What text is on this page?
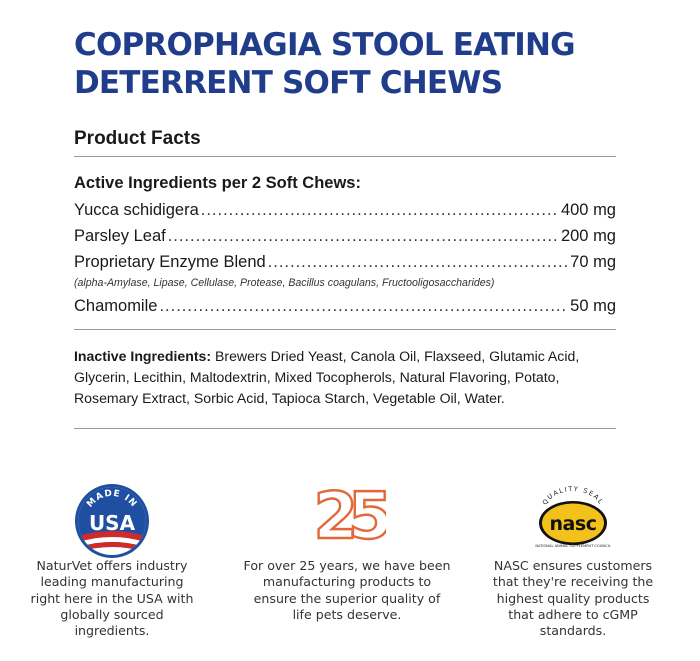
COPROPHAGIA STOOL EATING
DETERRENT SOFT CHEWS
Product Facts
Active Ingredients per 2 Soft Chews:
Yucca schidigera .....	400 mg
Parsley Leaf .....	200 mg
Proprietary Enzyme Blend .....	70 mg
(alpha-Amylase, Lipase, Cellulase, Protease, Bacillus coagulans, Fructooligosaccharides)
Chamomile .....	50 mg

Inactive Ingredients: Brewers Dried Yeast, Canola Oil, Flaxseed, Glutamic Acid, Glycerin, Lecithin, Maltodextrin, Mixed Tocopherols, Natural Flavoring, Potato, Rosemary Extract, Sorbic Acid, Tapioca Starch, Vegetable Oil, Water.

MADE IN
USA

NaturVet offers industry

leading manufacturing

right here in the USA with

globally sourced

ingredients.

25

For over 25 years, we have been

manufacturing products to

ensure the superior quality of

life pets deserve.

QUALITY SEAL
nasc
NATIONAL ANIMAL SUPPLEMENT COUNCIL

NASC ensures customers

that they're receiving the

highest quality products

that adhere to cGMP

standards.
